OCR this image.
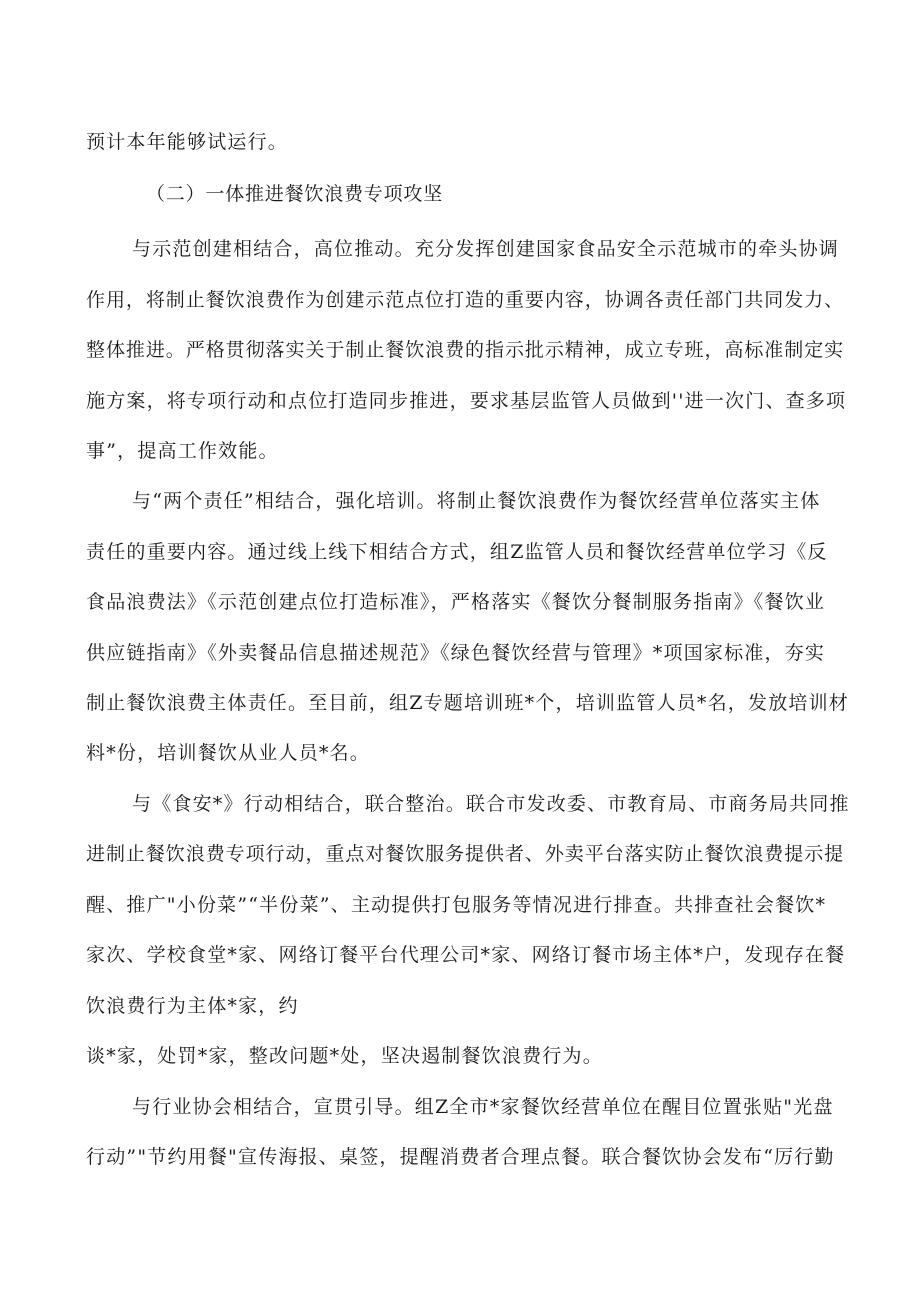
预计本年能够试运行。
（二）一体推进餐饮浪费专项攻坚
与示范创建相结合，高位推动。充分发挥创建国家食品安全示范城市的牵头协调
作用，将制止餐饮浪费作为创建示范点位打造的重要内容，协调各责任部门共同发力、
整体推进。严格贯彻落实关于制止餐饮浪费的指示批示精神，成立专班，高标准制定实
施方案，将专项行动和点位打造同步推进，要求基层监管人员做到''进一次门、查多项
事”，提高工作效能。
与“两个责任”相结合，强化培训。将制止餐饮浪费作为餐饮经营单位落实主体
责任的重要内容。通过线上线下相结合方式，组Z监管人员和餐饮经营单位学习《反
食品浪费法》《示范创建点位打造标准》，严格落实《餐饮分餐制服务指南》《餐饮业
供应链指南》《外卖餐品信息描述规范》《绿色餐饮经营与管理》*项国家标准，夯实
制止餐饮浪费主体责任。至目前，组Z专题培训班*个，培训监管人员*名，发放培训材
料*份，培训餐饮从业人员*名。
与《食安*》行动相结合，联合整治。联合市发改委、市教育局、市商务局共同推
进制止餐饮浪费专项行动，重点对餐饮服务提供者、外卖平台落实防止餐饮浪费提示提
醒、推广"小份菜”“半份菜”、主动提供打包服务等情况进行排查。共排查社会餐饮*
家次、学校食堂*家、网络订餐平台代理公司*家、网络订餐市场主体*户，发现存在餐
饮浪费行为主体*家，约
谈*家，处罚*家，整改问题*处，坚决遏制餐饮浪费行为。
与行业协会相结合，宣贯引导。组Z全市*家餐饮经营单位在醒目位置张贴"光盘
行动”"节约用餐"宣传海报、桌签，提醒消费者合理点餐。联合餐饮协会发布“厉行勤
